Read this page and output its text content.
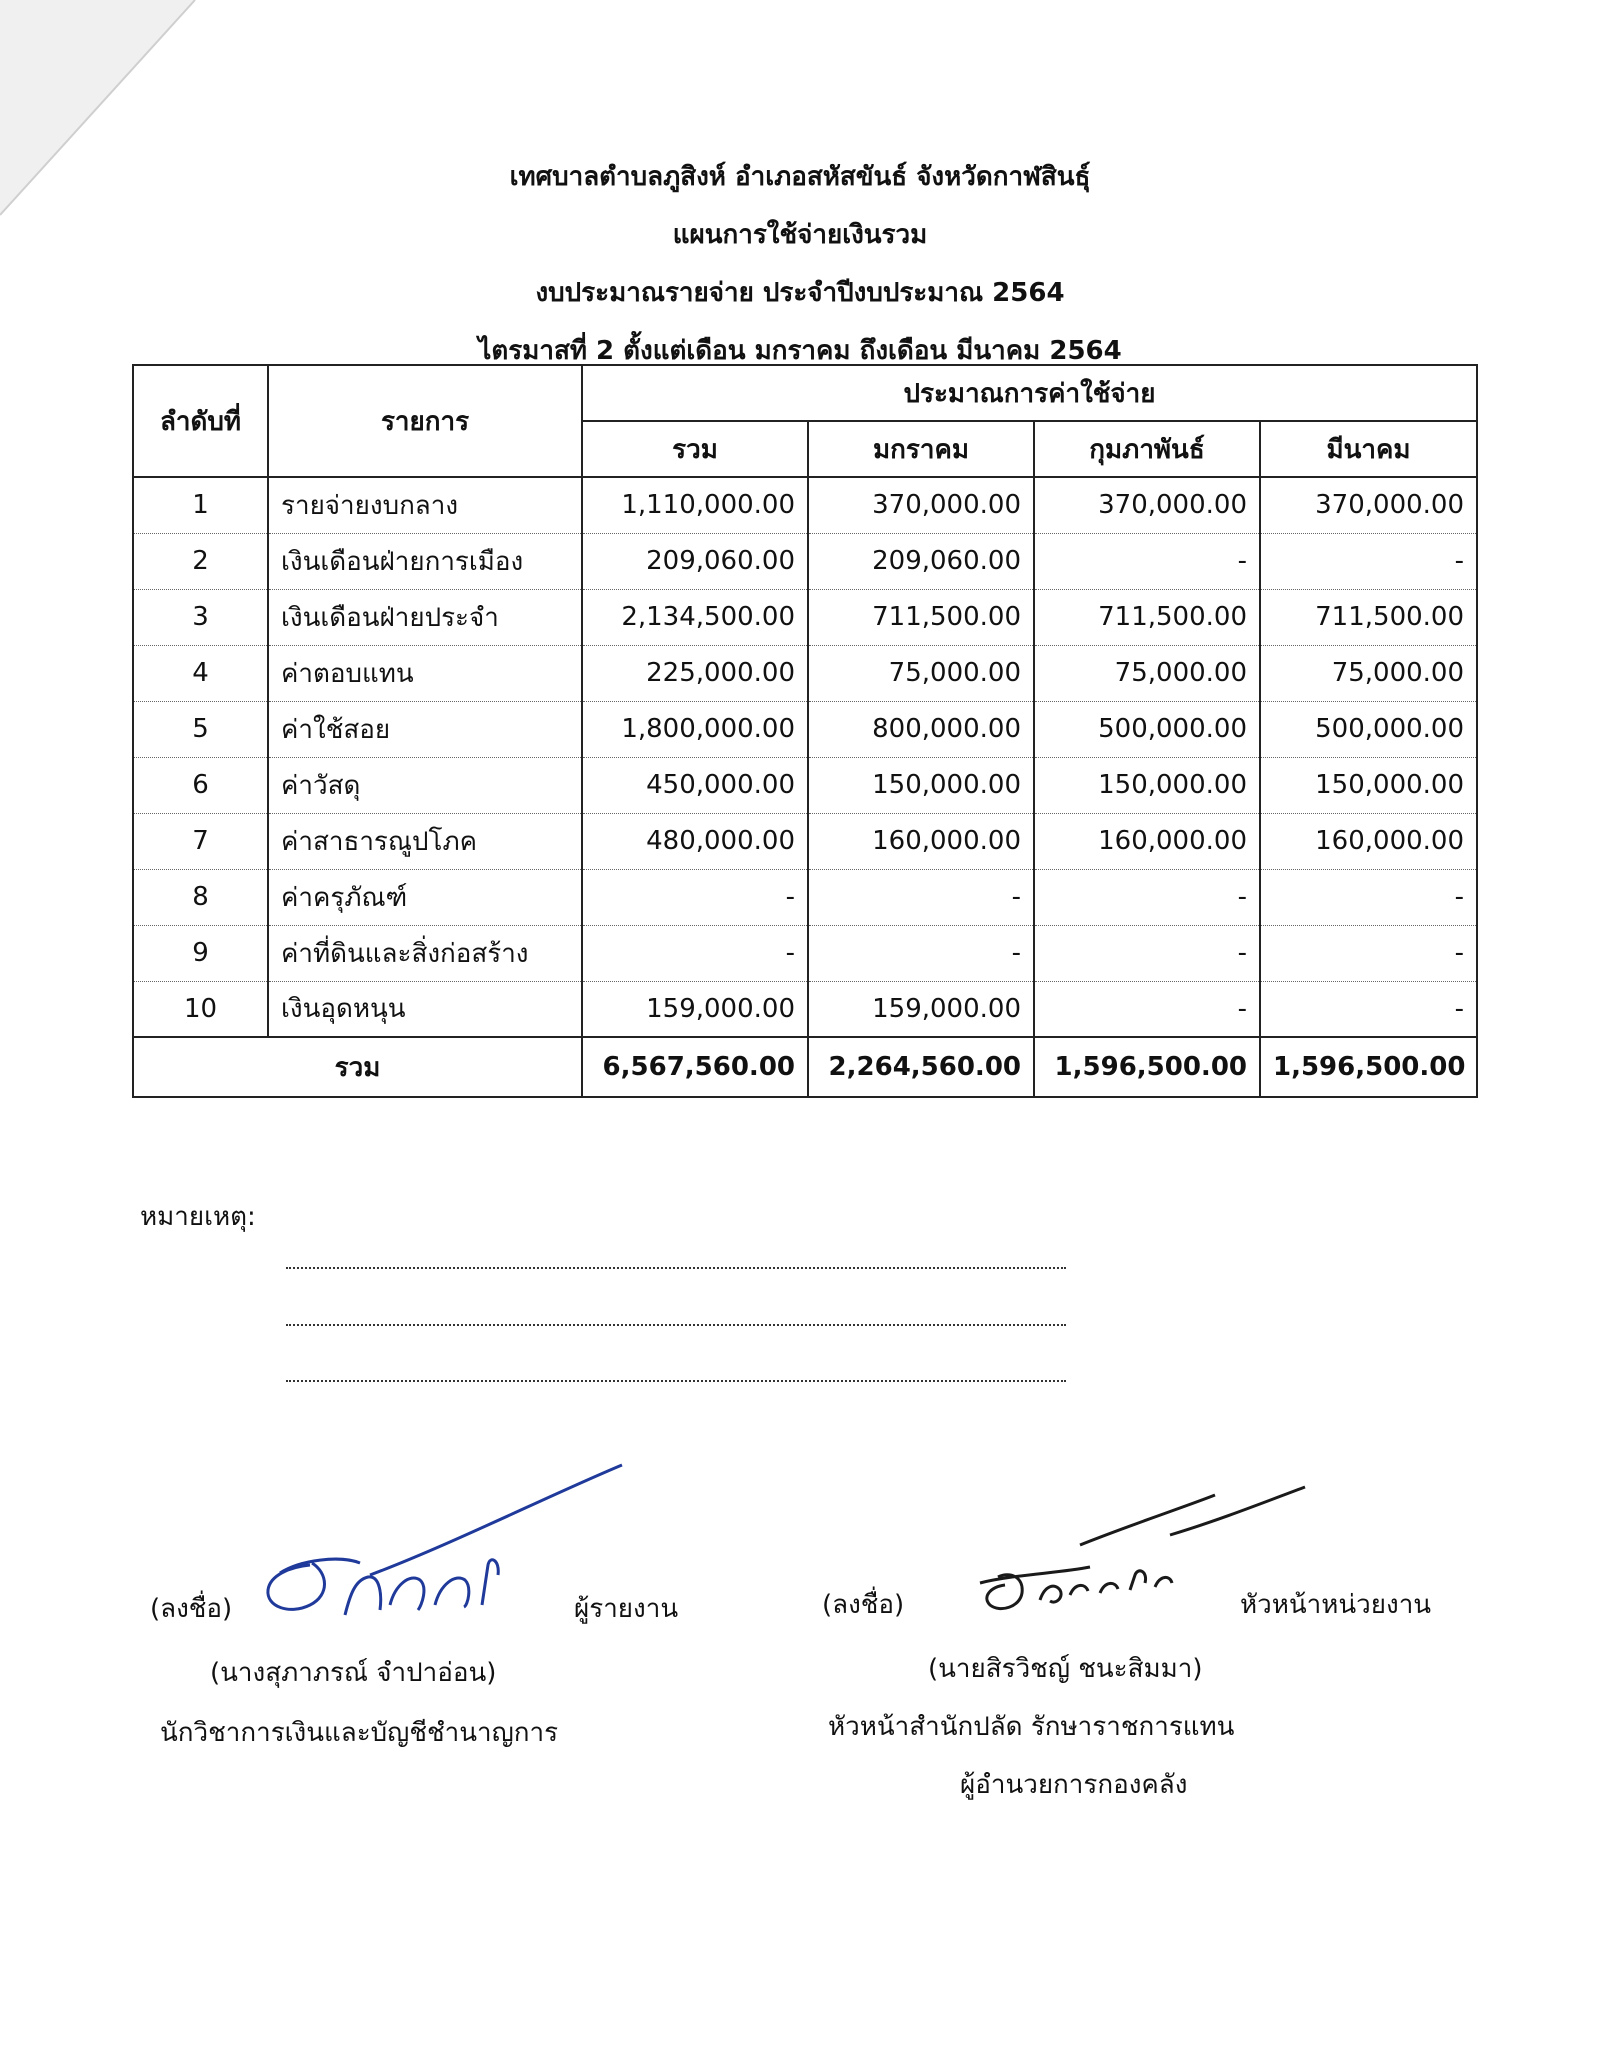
เทศบาลตำบลภูสิงห์ อำเภอสหัสขันธ์ จังหวัดกาฬสินธุ์
แผนการใช้จ่ายเงินรวม
งบประมาณรายจ่าย ประจำปีงบประมาณ 2564
ไตรมาสที่ 2 ตั้งแต่เดือน มกราคม ถึงเดือน มีนาคม 2564
ลำดับที่	รายการ	ประมาณการค่าใช้จ่าย			
		รวม	มกราคม	กุมภาพันธ์	มีนาคม
1	รายจ่ายงบกลาง	1,110,000.00	370,000.00	370,000.00	370,000.00
2	เงินเดือนฝ่ายการเมือง	209,060.00	209,060.00	-	-
3	เงินเดือนฝ่ายประจำ	2,134,500.00	711,500.00	711,500.00	711,500.00
4	ค่าตอบแทน	225,000.00	75,000.00	75,000.00	75,000.00
5	ค่าใช้สอย	1,800,000.00	800,000.00	500,000.00	500,000.00
6	ค่าวัสดุ	450,000.00	150,000.00	150,000.00	150,000.00
7	ค่าสาธารณูปโภค	480,000.00	160,000.00	160,000.00	160,000.00
8	ค่าครุภัณฑ์	-	-	-	-
9	ค่าที่ดินและสิ่งก่อสร้าง	-	-	-	-
10	เงินอุดหนุน	159,000.00	159,000.00	-	-
รวม		6,567,560.00	2,264,560.00	1,596,500.00	1,596,500.00
หมายเหตุ:
(ลงชื่อ)	ผู้รายงาน
(นางสุภาภรณ์ จำปาอ่อน)
นักวิชาการเงินและบัญชีชำนาญการ
(ลงชื่อ)	หัวหน้าหน่วยงาน
(นายสิรวิชญ์ ชนะสิมมา)
หัวหน้าสำนักปลัด รักษาราชการแทน
ผู้อำนวยการกองคลัง
